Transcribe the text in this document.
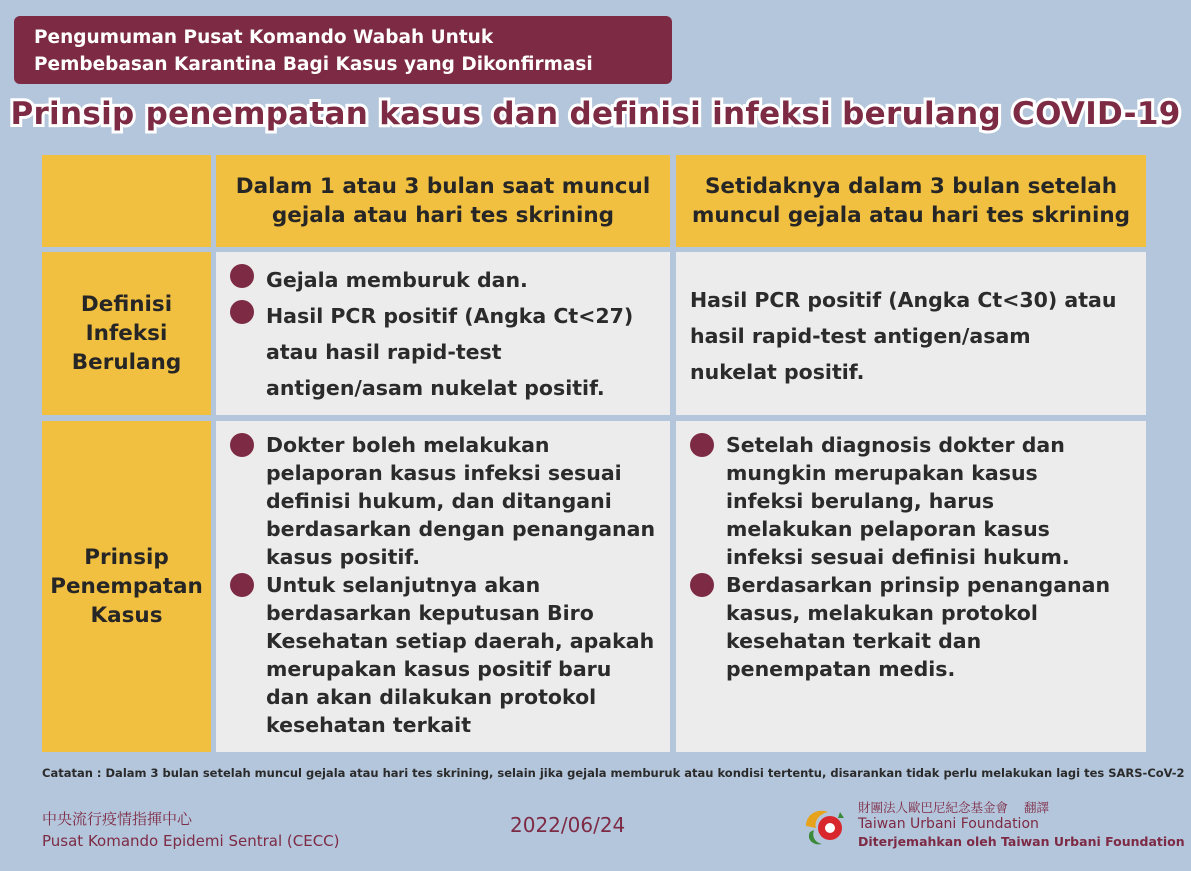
Pengumuman Pusat Komando Wabah Untuk
Pembebasan Karantina Bagi Kasus yang Dikonfirmasi
Prinsip penempatan kasus dan definisi infeksi berulang COVID-19
Dalam 1 atau 3 bulan saat muncul gejala atau hari tes skrining
Setidaknya dalam 3 bulan setelah muncul gejala atau hari tes skrining
Definisi Infeksi Berulang
Gejala memburuk dan.
Hasil PCR positif (Angka Ct<27) atau hasil rapid-test antigen/asam nukelat positif.
Hasil PCR positif (Angka Ct<30) atau hasil rapid-test antigen/asam nukelat positif.
Prinsip Penempatan Kasus
Dokter boleh melakukan pelaporan kasus infeksi sesuai definisi hukum, dan ditangani berdasarkan dengan penanganan kasus positif.
Untuk selanjutnya akan berdasarkan keputusan Biro Kesehatan setiap daerah, apakah merupakan kasus positif baru dan akan dilakukan protokol kesehatan terkait
Setelah diagnosis dokter dan mungkin merupakan kasus infeksi berulang, harus melakukan pelaporan kasus infeksi sesuai definisi hukum.
Berdasarkan prinsip penanganan kasus, melakukan protokol kesehatan terkait dan penempatan medis.
Catatan : Dalam 3 bulan setelah muncul gejala atau hari tes skrining, selain jika gejala memburuk atau kondisi tertentu, disarankan tidak perlu melakukan lagi tes SARS-CoV-2
中央流行疫情指揮中心
Pusat Komando Epidemi Sentral (CECC)
2022/06/24
財團法人歐巴尼紀念基金會 翻譯
Taiwan Urbani Foundation
Diterjemahkan oleh Taiwan Urbani Foundation
